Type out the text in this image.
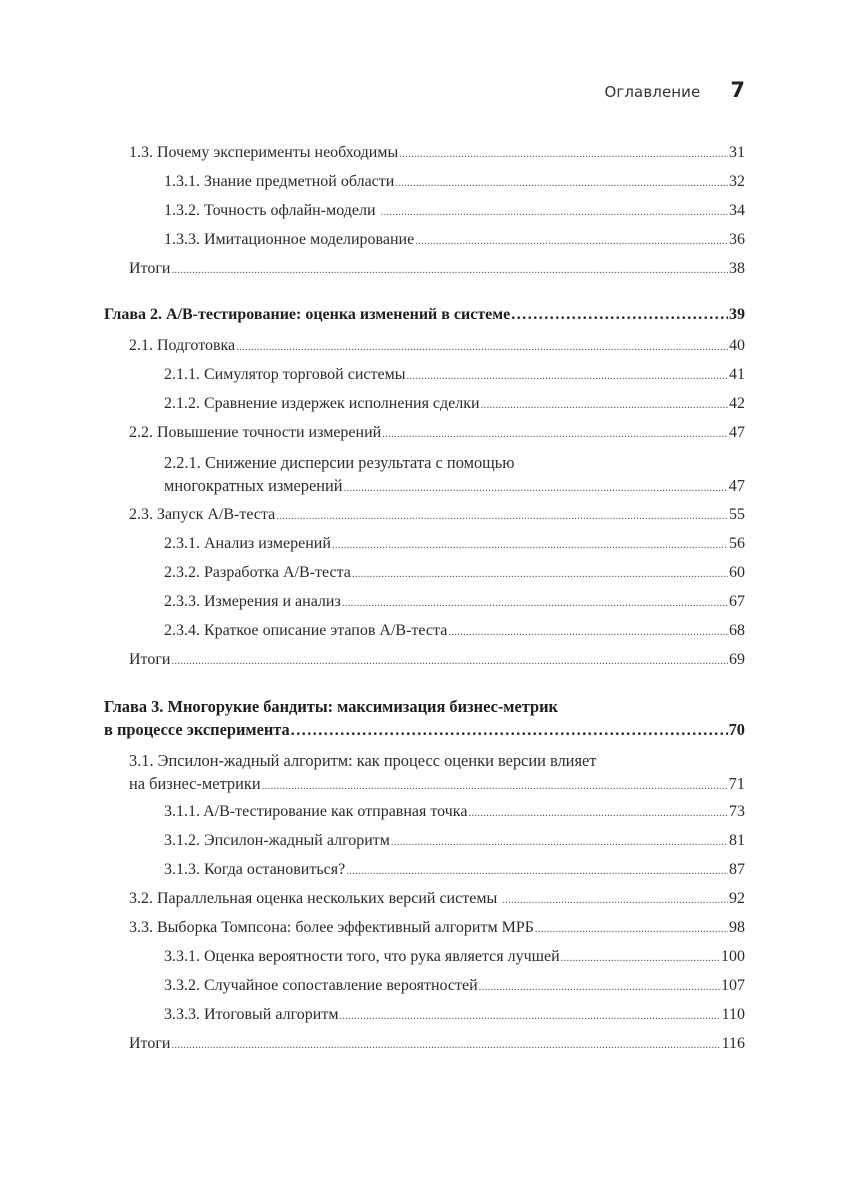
Оглавление 7
1.3. Почему эксперименты необходимы .....	31
1.3.1. Знание предметной области .....	32
1.3.2. Точность офлайн-модели .....	34
1.3.3. Имитационное моделирование .....	36
Итоги .....	38
Глава 2. A/B-тестирование: оценка изменений в системе .....	39
2.1. Подготовка .....	40
2.1.1. Симулятор торговой системы .....	41
2.1.2. Сравнение издержек исполнения сделки .....	42
2.2. Повышение точности измерений .....	47
2.2.1. Снижение дисперсии результата с помощью
многократных измерений .....	47
2.3. Запуск A/B-теста .....	55
2.3.1. Анализ измерений .....	56
2.3.2. Разработка A/B-теста .....	60
2.3.3. Измерения и анализ .....	67
2.3.4. Краткое описание этапов A/B-теста .....	68
Итоги .....	69
Глава 3. Многорукие бандиты: максимизация бизнес-метрик
в процессе эксперимента .....	70
3.1. Эпсилон-жадный алгоритм: как процесс оценки версии влияет
на бизнес-метрики .....	71
3.1.1. A/B-тестирование как отправная точка .....	73
3.1.2. Эпсилон-жадный алгоритм .....	81
3.1.3. Когда остановиться? .....	87
3.2. Параллельная оценка нескольких версий системы .....	92
3.3. Выборка Томпсона: более эффективный алгоритм МРБ .....	98
3.3.1. Оценка вероятности того, что рука является лучшей .....	100
3.3.2. Случайное сопоставление вероятностей .....	107
3.3.3. Итоговый алгоритм .....	110
Итоги .....	116
